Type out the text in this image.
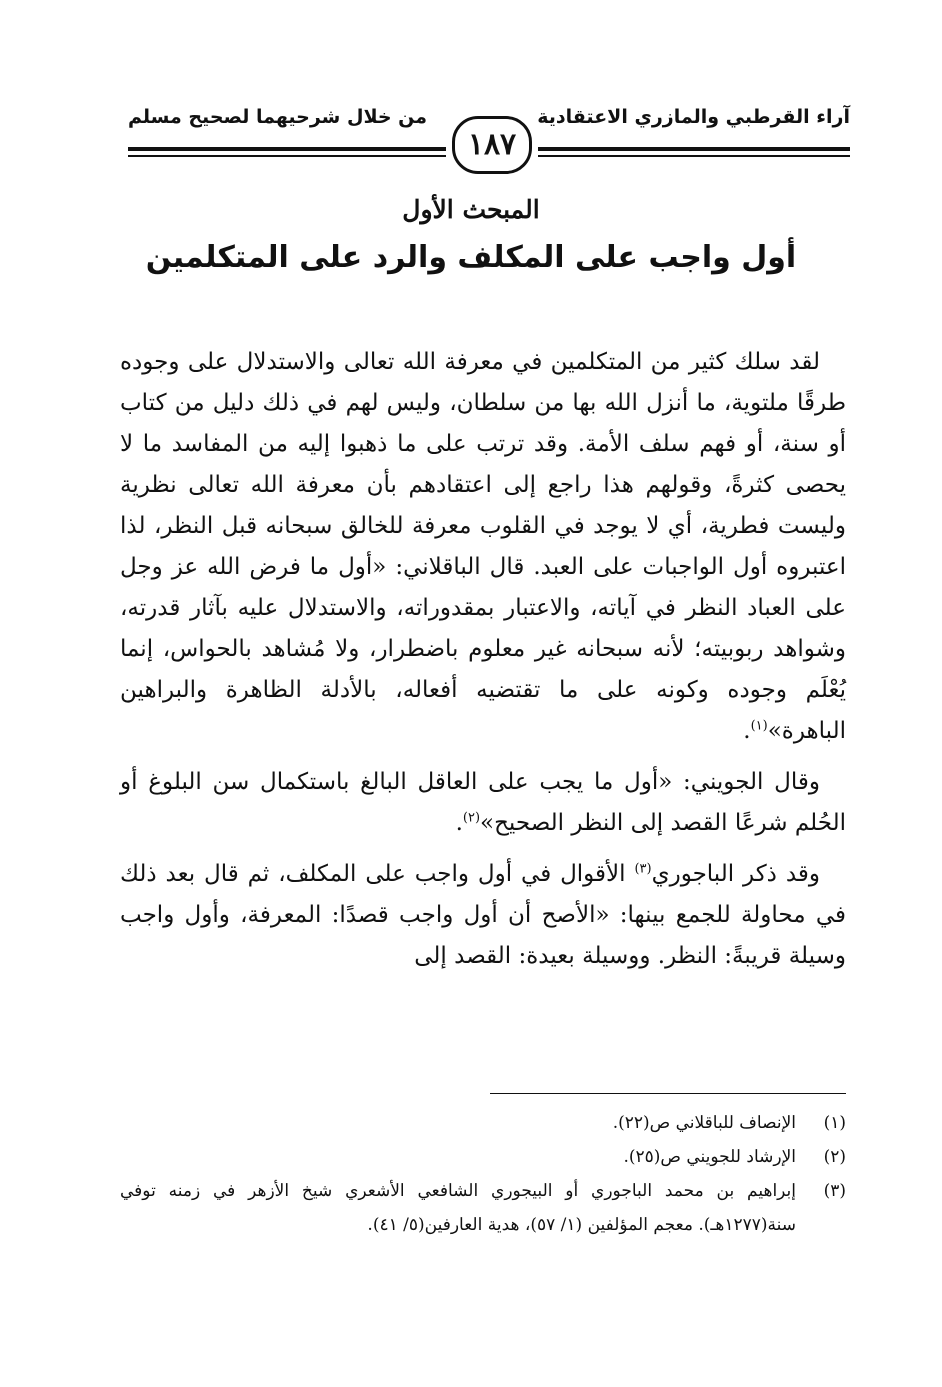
آراء القرطبي والمازري الاعتقادية
من خلال شرحيهما لصحيح مسلم
١٨٧
المبحث الأول
أول واجب على المكلف والرد على المتكلمين

لقد سلك كثير من المتكلمين في معرفة الله تعالى والاستدلال على وجوده طرقًا ملتوية، ما أنزل الله بها من سلطان، وليس لهم في ذلك دليل من كتاب أو سنة، أو فهم سلف الأمة. وقد ترتب على ما ذهبوا إليه من المفاسد ما لا يحصى كثرةً، وقولهم هذا راجع إلى اعتقادهم بأن معرفة الله تعالى نظرية وليست فطرية، أي لا يوجد في القلوب معرفة للخالق سبحانه قبل النظر، لذا اعتبروه أول الواجبات على العبد. قال الباقلاني: «أول ما فرض الله عز وجل على العباد النظر في آياته، والاعتبار بمقدوراته، والاستدلال عليه بآثار قدرته، وشواهد ربوبيته؛ لأنه سبحانه غير معلوم باضطرار، ولا مُشاهد بالحواس، إنما يُعْلَم وجوده وكونه على ما تقتضيه أفعاله، بالأدلة الظاهرة والبراهين الباهرة»$^{(١)}$.

وقال الجويني: «أول ما يجب على العاقل البالغ باستكمال سن البلوغ أو الحُلم شرعًا القصد إلى النظر الصحيح»$^{(٢)}$.

وقد ذكر الباجوري$^{(٣)}$ الأقوال في أول واجب على المكلف، ثم قال بعد ذلك في محاولة للجمع بينها: «الأصح أن أول واجب قصدًا: المعرفة، وأول واجب وسيلة قريبةً: النظر. ووسيلة بعيدة: القصد إلى

(١)
الإنصاف للباقلاني ص(٢٢).
(٢)
الإرشاد للجويني ص(٢٥).
(٣)
إبراهيم بن محمد الباجوري أو البيجوري الشافعي الأشعري شيخ الأزهر في زمنه توفي سنة(١٢٧٧هـ). معجم المؤلفين (١/ ٥٧)، هدية العارفين(٥/ ٤١).
